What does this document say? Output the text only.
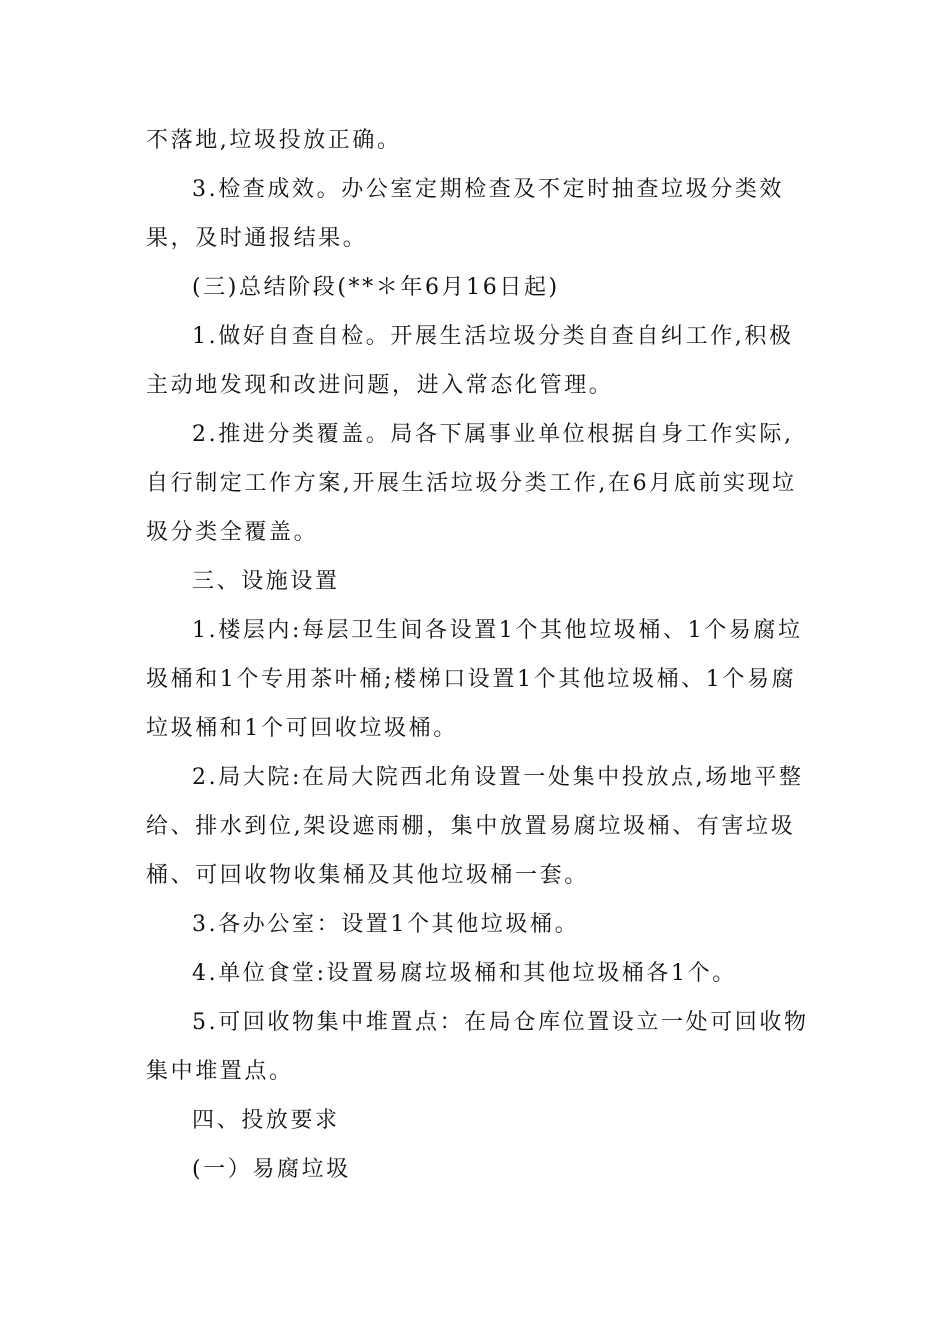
不落地,垃圾投放正确。

3.检查成效。办公室定期检查及不定时抽查垃圾分类效果，及时通报结果。

(三)总结阶段(**＊年6月16日起)

1.做好自查自检。开展生活垃圾分类自查自纠工作,积极主动地发现和改进问题，进入常态化管理。

2.推进分类覆盖。局各下属事业单位根据自身工作实际,自行制定工作方案,开展生活垃圾分类工作,在6月底前实现垃圾分类全覆盖。

三、设施设置

1.楼层内:每层卫生间各设置1个其他垃圾桶、1个易腐垃圾桶和1个专用茶叶桶;楼梯口设置1个其他垃圾桶、1个易腐垃圾桶和1个可回收垃圾桶。

2.局大院:在局大院西北角设置一处集中投放点,场地平整给、排水到位,架设遮雨棚，集中放置易腐垃圾桶、有害垃圾桶、可回收物收集桶及其他垃圾桶一套。

3.各办公室：设置1个其他垃圾桶。

4.单位食堂:设置易腐垃圾桶和其他垃圾桶各1个。

5.可回收物集中堆置点：在局仓库位置设立一处可回收物集中堆置点。

四、投放要求

(一）易腐垃圾
